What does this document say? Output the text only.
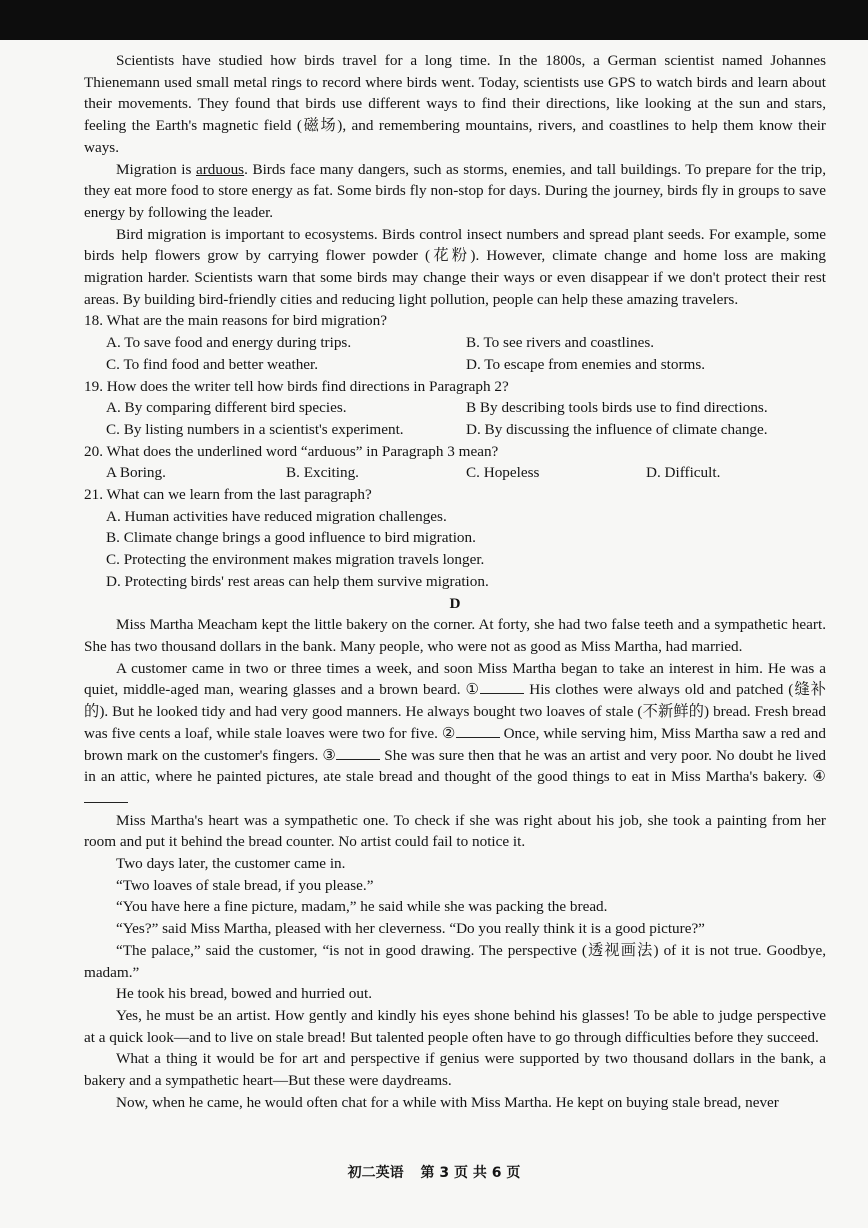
Scientists have studied how birds travel for a long time. In the 1800s, a German scientist named Johannes Thienemann used small metal rings to record where birds went. Today, scientists use GPS to watch birds and learn about their movements. They found that birds use different ways to find their directions, like looking at the sun and stars, feeling the Earth's magnetic field (磁场), and remembering mountains, rivers, and coastlines to help them know their ways.

Migration is arduous. Birds face many dangers, such as storms, enemies, and tall buildings. To prepare for the trip, they eat more food to store energy as fat. Some birds fly non-stop for days. During the journey, birds fly in groups to save energy by following the leader.

Bird migration is important to ecosystems. Birds control insect numbers and spread plant seeds. For example, some birds help flowers grow by carrying flower powder (花粉). However, climate change and home loss are making migration harder. Scientists warn that some birds may change their ways or even disappear if we don't protect their rest areas. By building bird-friendly cities and reducing light pollution, people can help these amazing travelers.

18. What are the main reasons for bird migration?
A. To save food and energy during trips.	B. To see rivers and coastlines.
C. To find food and better weather.	D. To escape from enemies and storms.
19. How does the writer tell how birds find directions in Paragraph 2?
A. By comparing different bird species.	B By describing tools birds use to find directions.
C. By listing numbers in a scientist's experiment.	D. By discussing the influence of climate change.
20. What does the underlined word “arduous” in Paragraph 3 mean?
A Boring.	B. Exciting.	C. Hopeless	D. Difficult.
21. What can we learn from the last paragraph?
A. Human activities have reduced migration challenges.
B. Climate change brings a good influence to bird migration.
C. Protecting the environment makes migration travels longer.
D. Protecting birds' rest areas can help them survive migration.
D

Miss Martha Meacham kept the little bakery on the corner. At forty, she had two false teeth and a sympathetic heart. She has two thousand dollars in the bank. Many people, who were not as good as Miss Martha, had married.

A customer came in two or three times a week, and soon Miss Martha began to take an interest in him. He was a quiet, middle-aged man, wearing glasses and a brown beard. ①	His clothes were always old and patched (缝补的). But he looked tidy and had very good manners. He always bought two loaves of stale (不新鲜的) bread. Fresh bread was five cents a loaf, while stale loaves were two for five. ②	Once, while serving him, Miss Martha saw a red and brown mark on the customer's fingers. ③	She was sure then that he was an artist and very poor. No doubt he lived in an attic, where he painted pictures, ate stale bread and thought of the good things to eat in Miss Martha's bakery. ④

Miss Martha's heart was a sympathetic one. To check if she was right about his job, she took a painting from her room and put it behind the bread counter. No artist could fail to notice it.

Two days later, the customer came in.

“Two loaves of stale bread, if you please.”

“You have here a fine picture, madam,” he said while she was packing the bread.

“Yes?” said Miss Martha, pleased with her cleverness. “Do you really think it is a good picture?”

“The palace,” said the customer, “is not in good drawing. The perspective (透视画法) of it is not true. Goodbye, madam.”

He took his bread, bowed and hurried out.

Yes, he must be an artist. How gently and kindly his eyes shone behind his glasses! To be able to judge perspective at a quick look—and to live on stale bread! But talented people often have to go through difficulties before they succeed.

What a thing it would be for art and perspective if genius were supported by two thousand dollars in the bank, a bakery and a sympathetic heart—But these were daydreams.

Now, when he came, he would often chat for a while with Miss Martha. He kept on buying stale bread, never

初二英语 第 3 页 共 6 页
